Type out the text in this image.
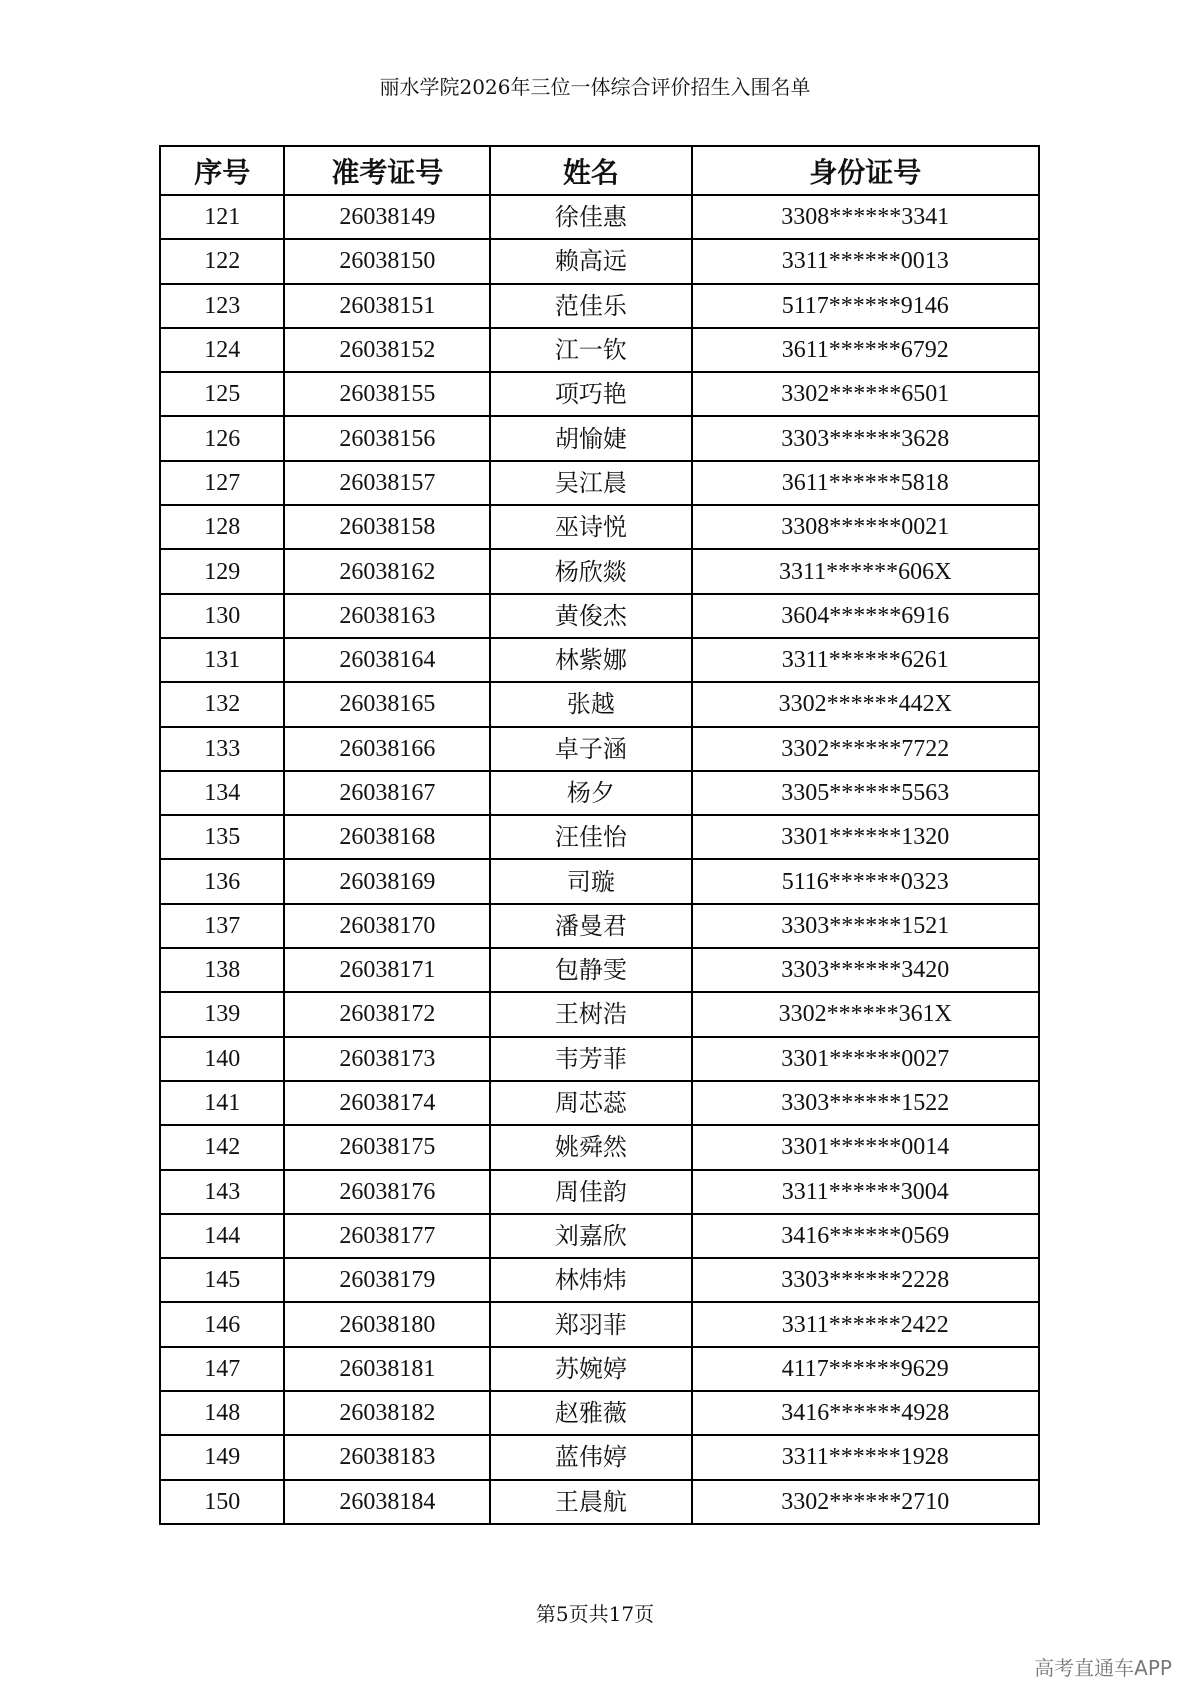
丽水学院2026年三位一体综合评价招生入围名单
序号	准考证号	姓名	身份证号
121	26038149	徐佳惠	3308******3341
122	26038150	赖高远	3311******0013
123	26038151	范佳乐	5117******9146
124	26038152	江一钦	3611******6792
125	26038155	项巧艳	3302******6501
126	26038156	胡愉婕	3303******3628
127	26038157	吴江晨	3611******5818
128	26038158	巫诗悦	3308******0021
129	26038162	杨欣燚	3311******606X
130	26038163	黄俊杰	3604******6916
131	26038164	林紫娜	3311******6261
132	26038165	张越	3302******442X
133	26038166	卓子涵	3302******7722
134	26038167	杨夕	3305******5563
135	26038168	汪佳怡	3301******1320
136	26038169	司璇	5116******0323
137	26038170	潘曼君	3303******1521
138	26038171	包静雯	3303******3420
139	26038172	王树浩	3302******361X
140	26038173	韦芳菲	3301******0027
141	26038174	周芯蕊	3303******1522
142	26038175	姚舜然	3301******0014
143	26038176	周佳韵	3311******3004
144	26038177	刘嘉欣	3416******0569
145	26038179	林炜炜	3303******2228
146	26038180	郑羽菲	3311******2422
147	26038181	苏婉婷	4117******9629
148	26038182	赵雅薇	3416******4928
149	26038183	蓝伟婷	3311******1928
150	26038184	王晨航	3302******2710
第5页共17页
高考直通车APP
